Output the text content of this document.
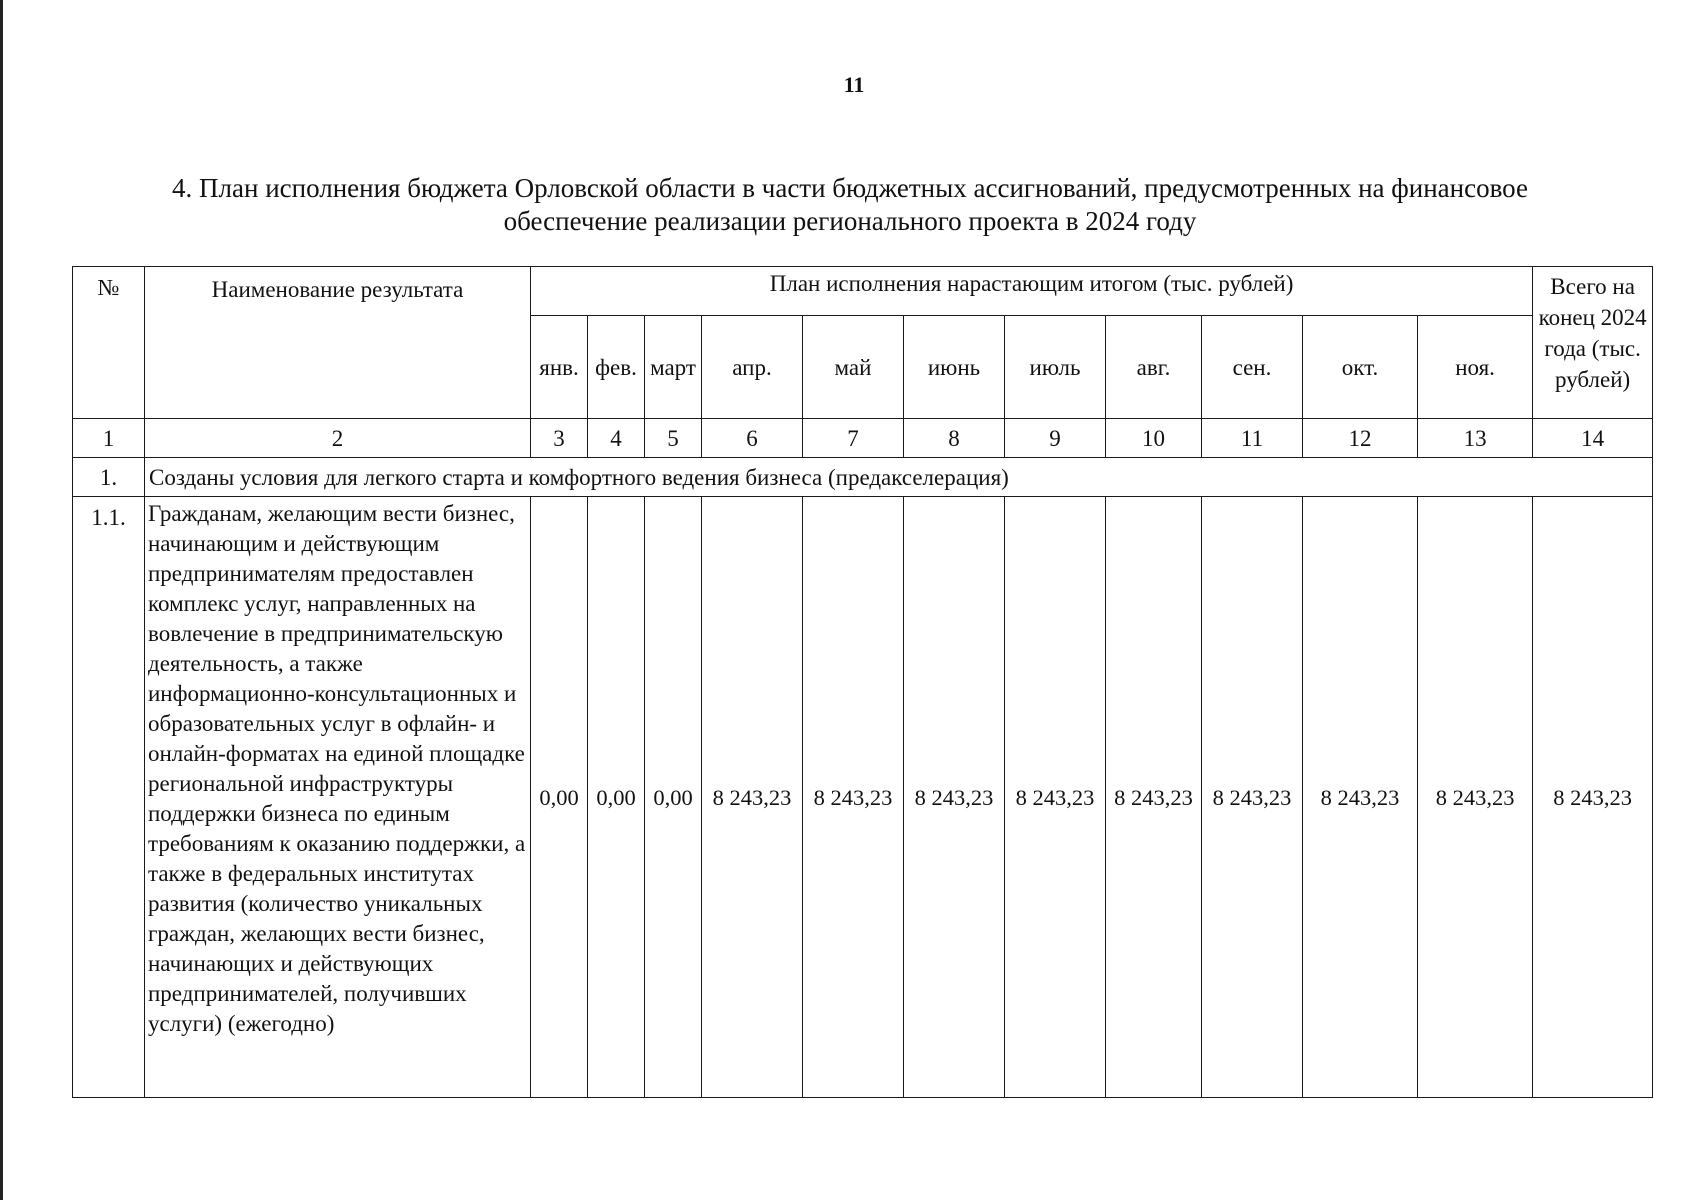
11
4. План исполнения бюджета Орловской области в части бюджетных ассигнований, предусмотренных на финансовое
обеспечение реализации регионального проекта в 2024 году
№	Наименование результата	План исполнения нарастающим итогом (тыс. рублей)											Всего на конец 2024 года (тыс. рублей)
		янв.	фев.	март	апр.	май	июнь	июль	авг.	сен.	окт.	ноя.	
1	2	3	4	5	6	7	8	9	10	11	12	13	14
1.	Созданы условия для легкого старта и комфортного ведения бизнеса (предакселерация)												
1.1.	Гражданам, желающим вести бизнес, начинающим и действующим предпринимателям предоставлен комплекс услуг, направленных на вовлечение в предпринимательскую деятельность, а также информационно-консультационных и образовательных услуг в офлайн- и онлайн-форматах на единой площадке региональной инфраструктуры поддержки бизнеса по единым требованиям к оказанию поддержки, а также в федеральных институтах развития (количество уникальных граждан, желающих вести бизнес, начинающих и действующих предпринимателей, получивших услуги) (ежегодно)	0,00	0,00	0,00	8 243,23	8 243,23	8 243,23	8 243,23	8 243,23	8 243,23	8 243,23	8 243,23	8 243,23
